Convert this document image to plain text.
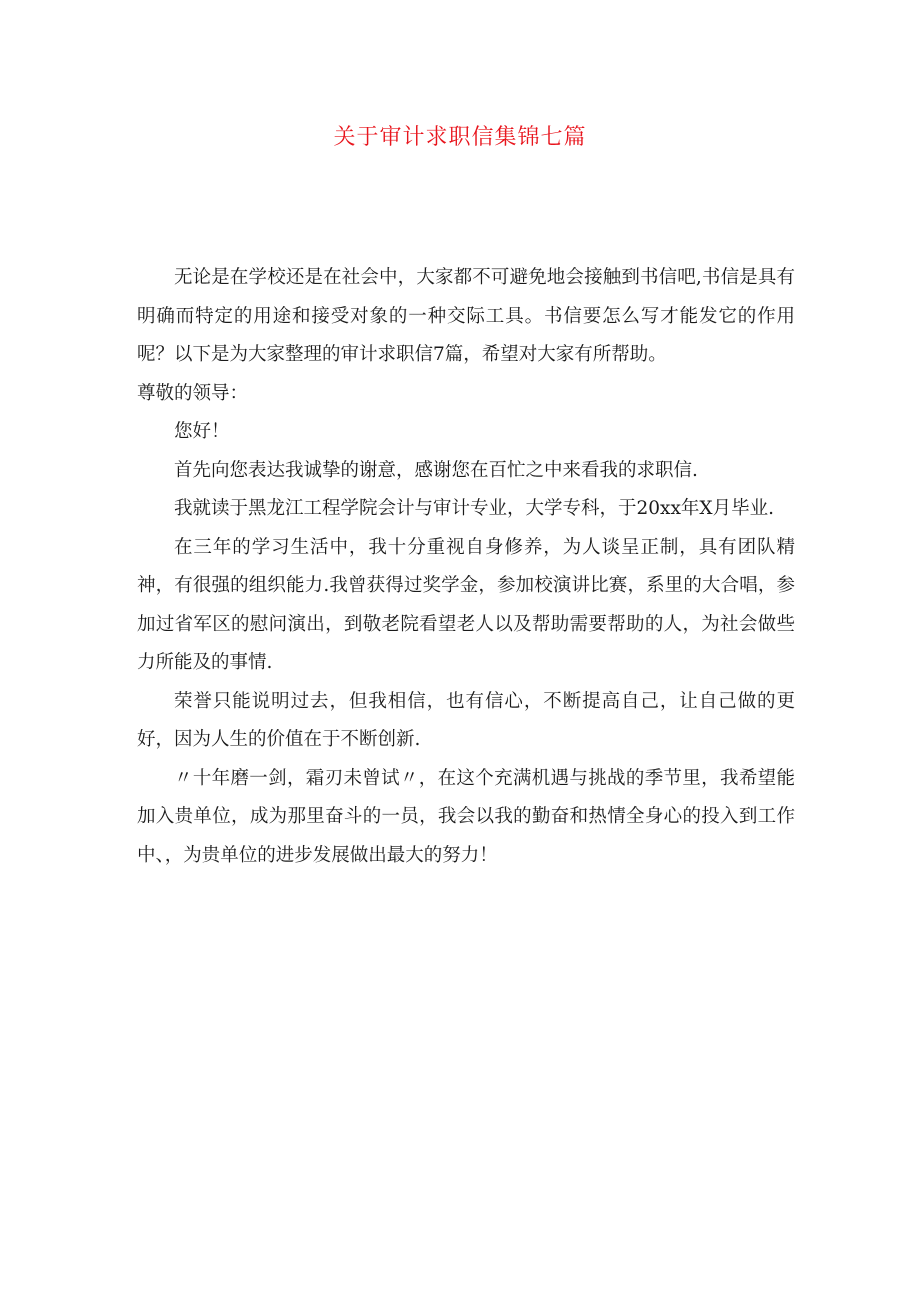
关于审计求职信集锦七篇

无论是在学校还是在社会中，大家都不可避免地会接触到书信吧,书信是具有明确而特定的用途和接受对象的一种交际工具。书信要怎么写才能发它的作用呢？以下是为大家整理的审计求职信7篇，希望对大家有所帮助。

尊敬的领导：

您好！

首先向您表达我诚挚的谢意，感谢您在百忙之中来看我的求职信.

我就读于黑龙江工程学院会计与审计专业，大学专科，于20xx年X月毕业.

在三年的学习生活中，我十分重视自身修养，为人谈呈正制，具有团队精神，有很强的组织能力.我曾获得过奖学金，参加校演讲比赛，系里的大合唱，参加过省军区的慰问演出，到敬老院看望老人以及帮助需要帮助的人，为社会做些力所能及的事情.

荣誉只能说明过去，但我相信，也有信心，不断提高自己，让自己做的更好，因为人生的价值在于不断创新.

〃十年磨一剑，霜刃未曾试〃，在这个充满机遇与挑战的季节里，我希望能加入贵单位，成为那里奋斗的一员，我会以我的勤奋和热情全身心的投入到工作中、，为贵单位的进步发展做出最大的努力！
